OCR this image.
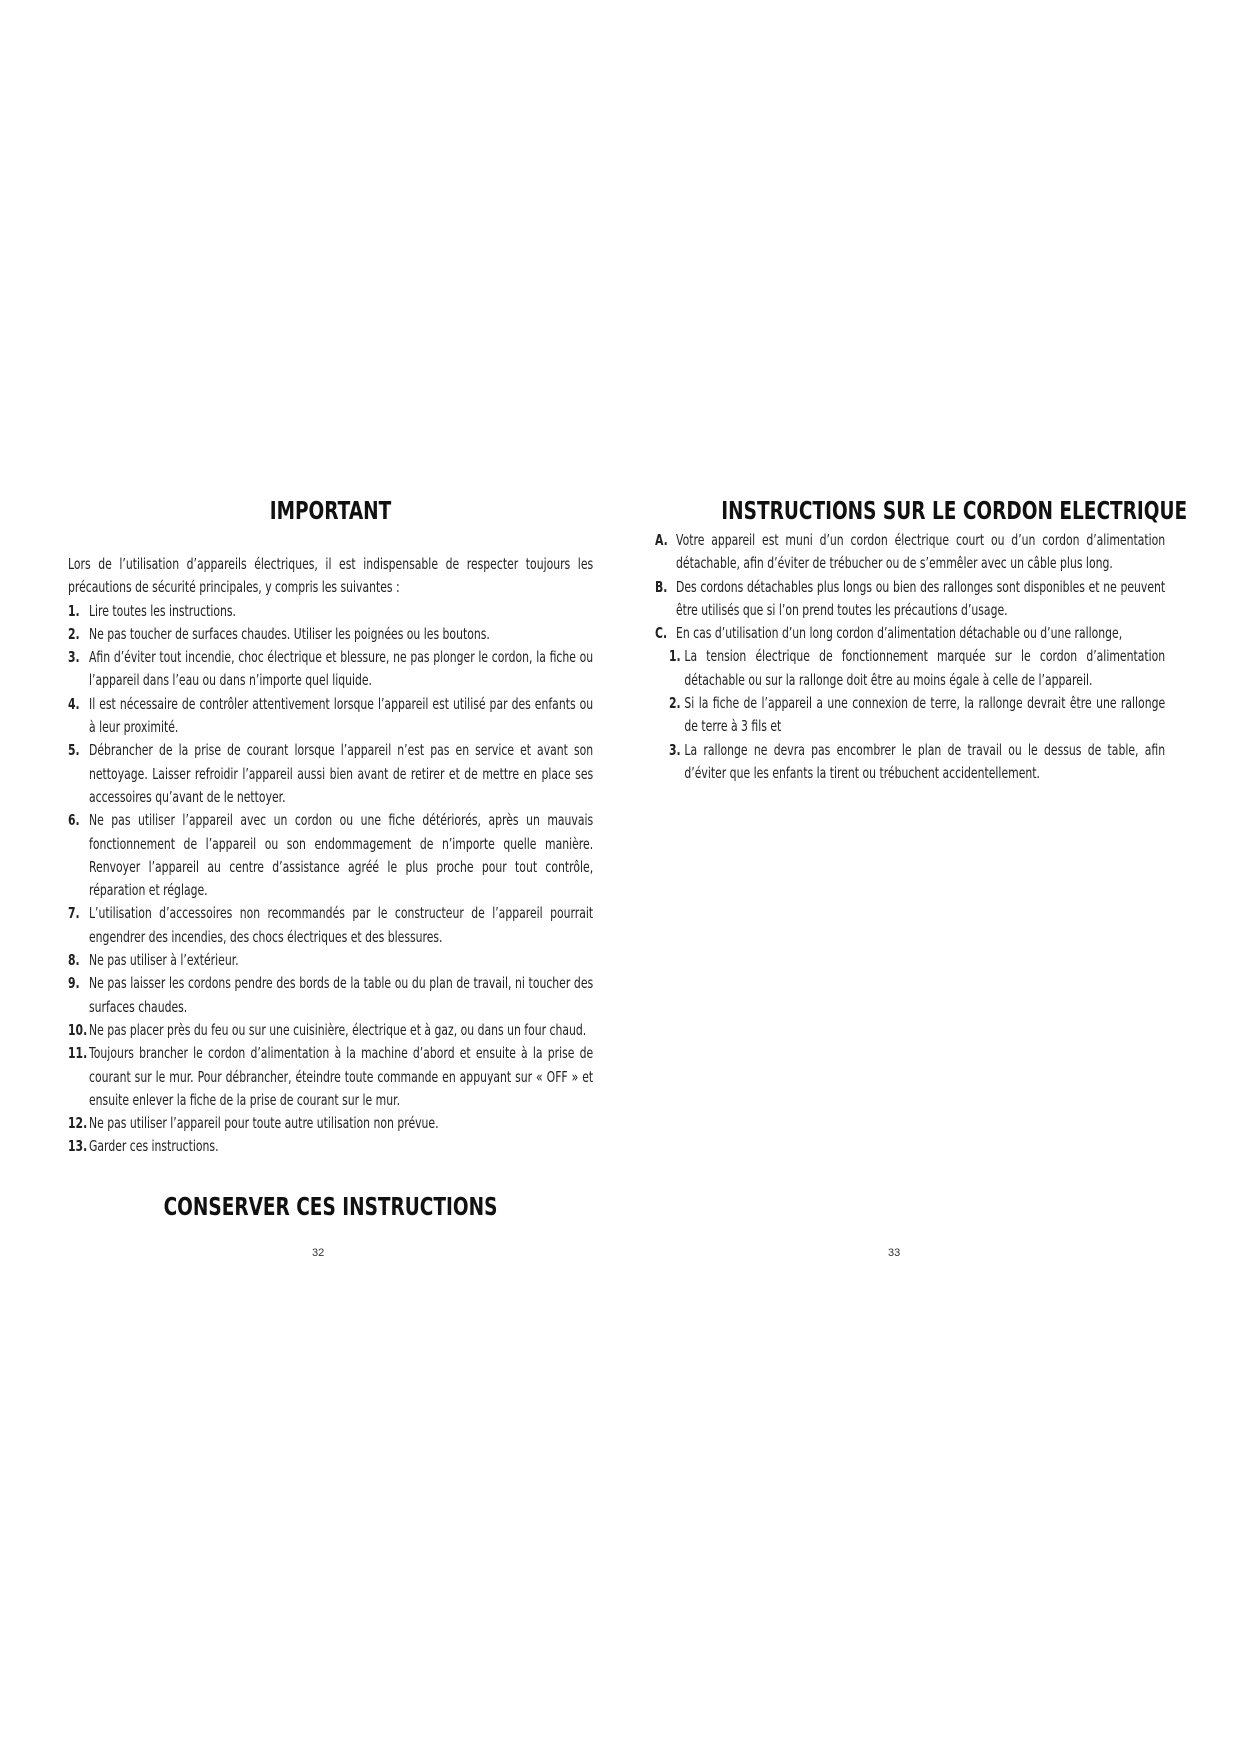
IMPORTANT

Lors de l’utilisation d’appareils électriques, il est indispensable de respecter toujours les précautions de sécurité principales, y compris les suivantes :

1. Lire toutes les instructions.
2. Ne pas toucher de surfaces chaudes. Utiliser les poignées ou les boutons.
3. Afin d’éviter tout incendie, choc électrique et blessure, ne pas plonger le cordon, la fiche ou l’appareil dans l’eau ou dans n’importe quel liquide.
4. Il est nécessaire de contrôler attentivement lorsque l’appareil est utilisé par des enfants ou à leur proximité.
5. Débrancher de la prise de courant lorsque l’appareil n’est pas en service et avant son nettoyage. Laisser refroidir l’appareil aussi bien avant de retirer et de mettre en place ses accessoires qu’avant de le nettoyer.
6. Ne pas utiliser l’appareil avec un cordon ou une fiche détériorés, après un mauvais fonctionnement de l’appareil ou son endommagement de n’importe quelle manière. Renvoyer l’appareil au centre d’assistance agréé le plus proche pour tout contrôle, réparation et réglage.
7. L’utilisation d’accessoires non recommandés par le constructeur de l’appareil pourrait engendrer des incendies, des chocs électriques et des blessures.
8. Ne pas utiliser à l’extérieur.
9. Ne pas laisser les cordons pendre des bords de la table ou du plan de travail, ni toucher des surfaces chaudes.
10. Ne pas placer près du feu ou sur une cuisinière, électrique et à gaz, ou dans un four chaud.
11. Toujours brancher le cordon d’alimentation à la machine d’abord et ensuite à la prise de courant sur le mur. Pour débrancher, éteindre toute commande en appuyant sur « OFF » et ensuite enlever la fiche de la prise de courant sur le mur.
12. Ne pas utiliser l’appareil pour toute autre utilisation non prévue.
13. Garder ces instructions.
CONSERVER CES INSTRUCTIONS
32
INSTRUCTIONS SUR LE CORDON ELECTRIQUE
A. Votre appareil est muni d’un cordon électrique court ou d’un cordon d’alimentation détachable, afin d’éviter de trébucher ou de s’emmêler avec un câble plus long.
B. Des cordons détachables plus longs ou bien des rallonges sont disponibles et ne peuvent être utilisés que si l’on prend toutes les précautions d’usage.
C. En cas d’utilisation d’un long cordon d’alimentation détachable ou d’une rallonge,
1. La tension électrique de fonctionnement marquée sur le cordon d’alimentation détachable ou sur la rallonge doit être au moins égale à celle de l’appareil.
2. Si la fiche de l’appareil a une connexion de terre, la rallonge devrait être une rallonge de terre à 3 fils et
3. La rallonge ne devra pas encombrer le plan de travail ou le dessus de table, afin d’éviter que les enfants la tirent ou trébuchent accidentellement.
33
